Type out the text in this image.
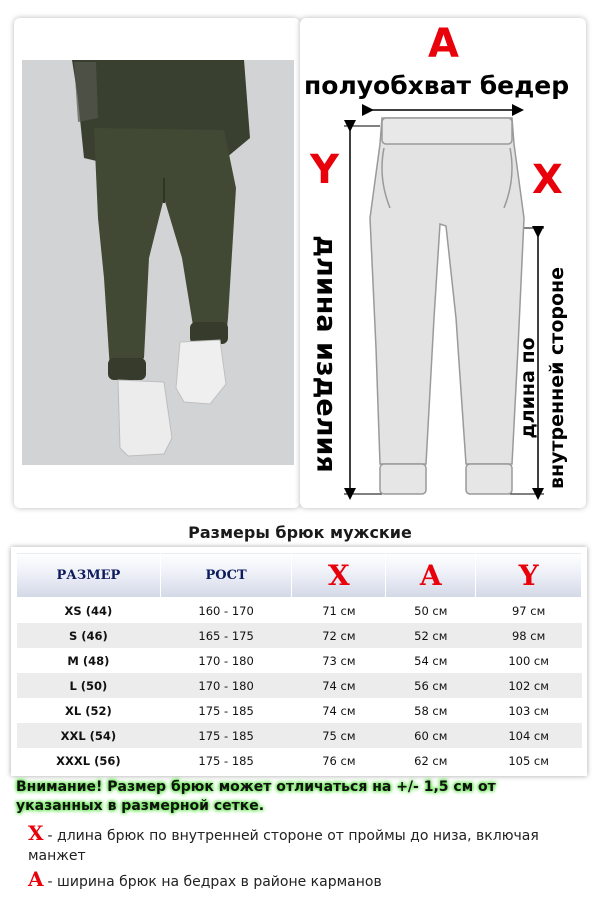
A
полуобхват бедер
Y	X
длина изделия	длина по внутренней стороне
Размеры брюк мужские
РАЗМЕР	РОСТ	X	A	Y
XS (44)	160 - 170	71 см	50 см	97 см
S (46)	165 - 175	72 см	52 см	98 см
M (48)	170 - 180	73 см	54 см	100 см
L (50)	170 - 180	74 см	56 см	102 см
XL (52)	175 - 185	74 см	58 см	103 см
XXL (54)	175 - 185	75 см	60 см	104 см
XXXL (56)	175 - 185	76 см	62 см	105 см
Внимание! Размер брюк может отличаться на +/- 1,5 см от указанных в размерной сетке.
X - длина брюк по внутренней стороне от проймы до низа, включая манжет
A - ширина брюк на бедрах в районе карманов
